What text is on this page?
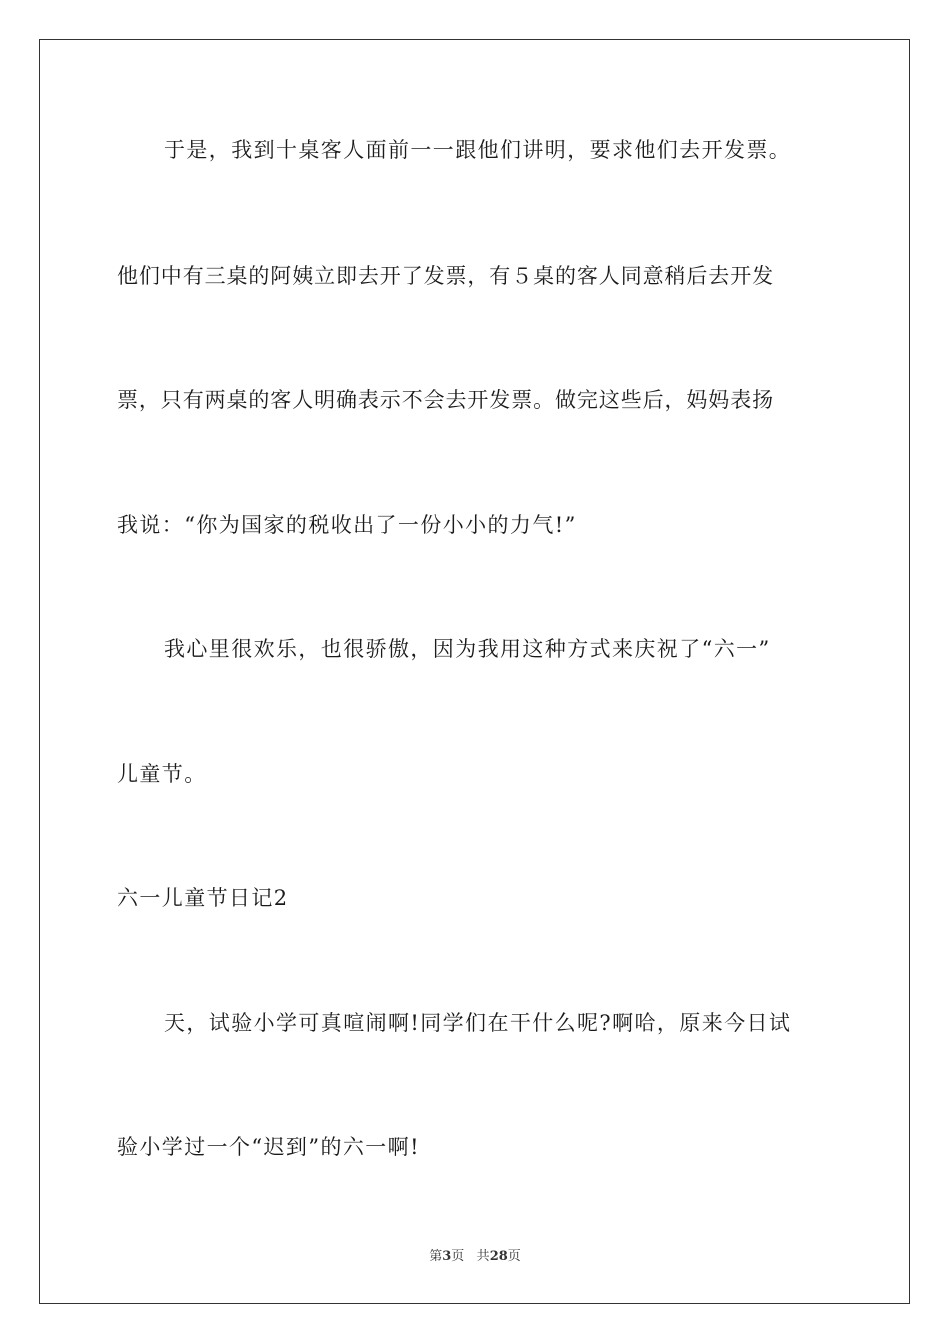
于是，我到十桌客人面前一一跟他们讲明，要求他们去开发票。
他们中有三桌的阿姨立即去开了发票，有５桌的客人同意稍后去开发
票，只有两桌的客人明确表示不会去开发票。做完这些后，妈妈表扬
我说：“你为国家的税收出了一份小小的力气!”
我心里很欢乐，也很骄傲，因为我用这种方式来庆祝了“六一”
儿童节。
六一儿童节日记2
天，试验小学可真喧闹啊!同学们在干什么呢?啊哈，原来今日试
验小学过一个“迟到”的六一啊!
第3页 共28页
